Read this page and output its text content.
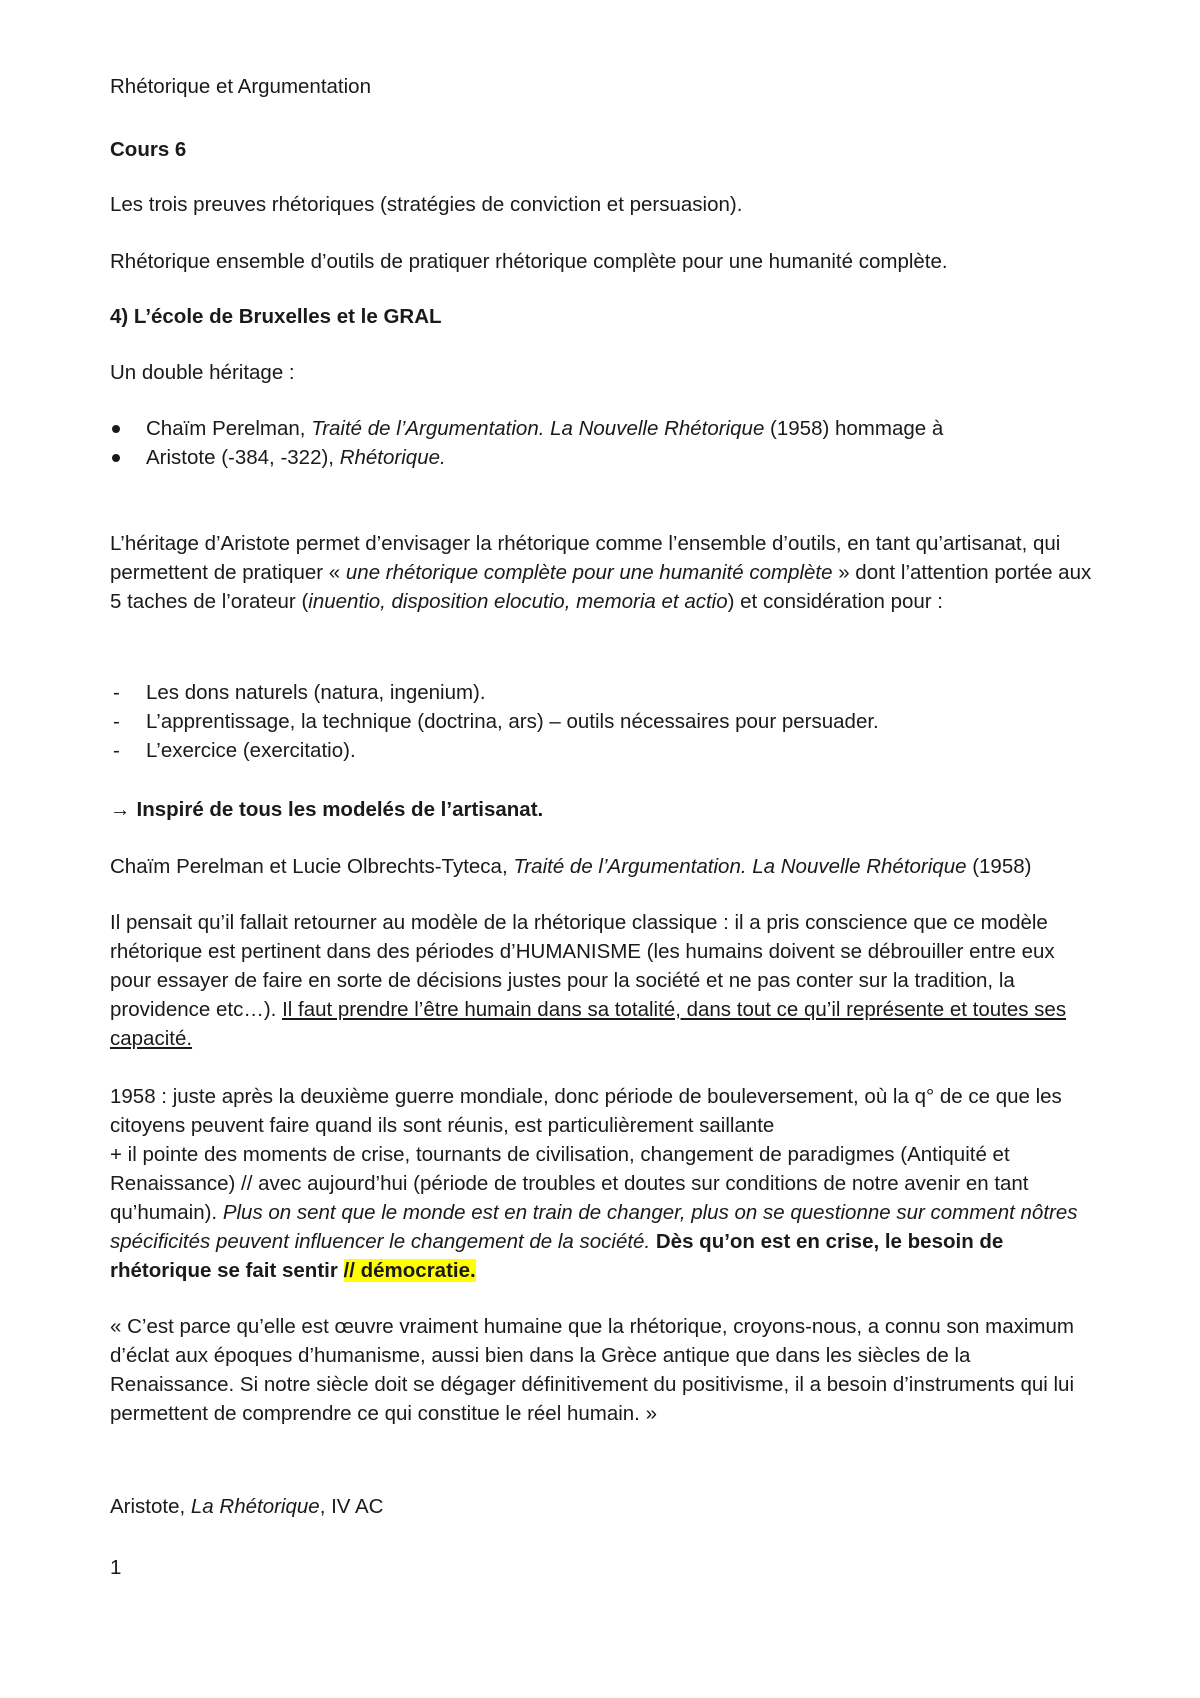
Rhétorique et Argumentation

Cours 6

Les trois preuves rhétoriques (stratégies de conviction et persuasion).

Rhétorique ensemble d’outils de pratiquer rhétorique complète pour une humanité complète.

4) L’école de Bruxelles et le GRAL

Un double héritage :

Chaïm Perelman, Traité de l’Argumentation. La Nouvelle Rhétorique (1958) hommage à
Aristote (-384, -322), Rhétorique.

L’héritage d’Aristote permet d’envisager la rhétorique comme l’ensemble d’outils, en tant qu’artisanat, qui permettent de pratiquer « une rhétorique complète pour une humanité complète » dont l’attention portée aux 5 taches de l’orateur (inuentio, disposition elocutio, memoria et actio) et considération pour :

- Les dons naturels (natura, ingenium).
- L’apprentissage, la technique (doctrina, ars) – outils nécessaires pour persuader.
- L’exercice (exercitatio).

→ Inspiré de tous les modelés de l’artisanat.

Chaïm Perelman et Lucie Olbrechts-Tyteca, Traité de l’Argumentation. La Nouvelle Rhétorique (1958)

Il pensait qu’il fallait retourner au modèle de la rhétorique classique : il a pris conscience que ce modèle rhétorique est pertinent dans des périodes d’HUMANISME (les humains doivent se débrouiller entre eux pour essayer de faire en sorte de décisions justes pour la société et ne pas conter sur la tradition, la providence etc…). Il faut prendre l’être humain dans sa totalité, dans tout ce qu’il représente et toutes ses capacité.

1958 : juste après la deuxième guerre mondiale, donc période de bouleversement, où la q° de ce que les citoyens peuvent faire quand ils sont réunis, est particulièrement saillante
+ il pointe des moments de crise, tournants de civilisation, changement de paradigmes (Antiquité et Renaissance) // avec aujourd’hui (période de troubles et doutes sur conditions de notre avenir en tant qu’humain). Plus on sent que le monde est en train de changer, plus on se questionne sur comment nôtres spécificités peuvent influencer le changement de la société. Dès qu’on est en crise, le besoin de rhétorique se fait sentir // démocratie.

« C’est parce qu’elle est œuvre vraiment humaine que la rhétorique, croyons-nous, a connu son maximum d’éclat aux époques d’humanisme, aussi bien dans la Grèce antique que dans les siècles de la Renaissance. Si notre siècle doit se dégager définitivement du positivisme, il a besoin d’instruments qui lui permettent de comprendre ce qui constitue le réel humain. »

Aristote, La Rhétorique, IV AC

1
